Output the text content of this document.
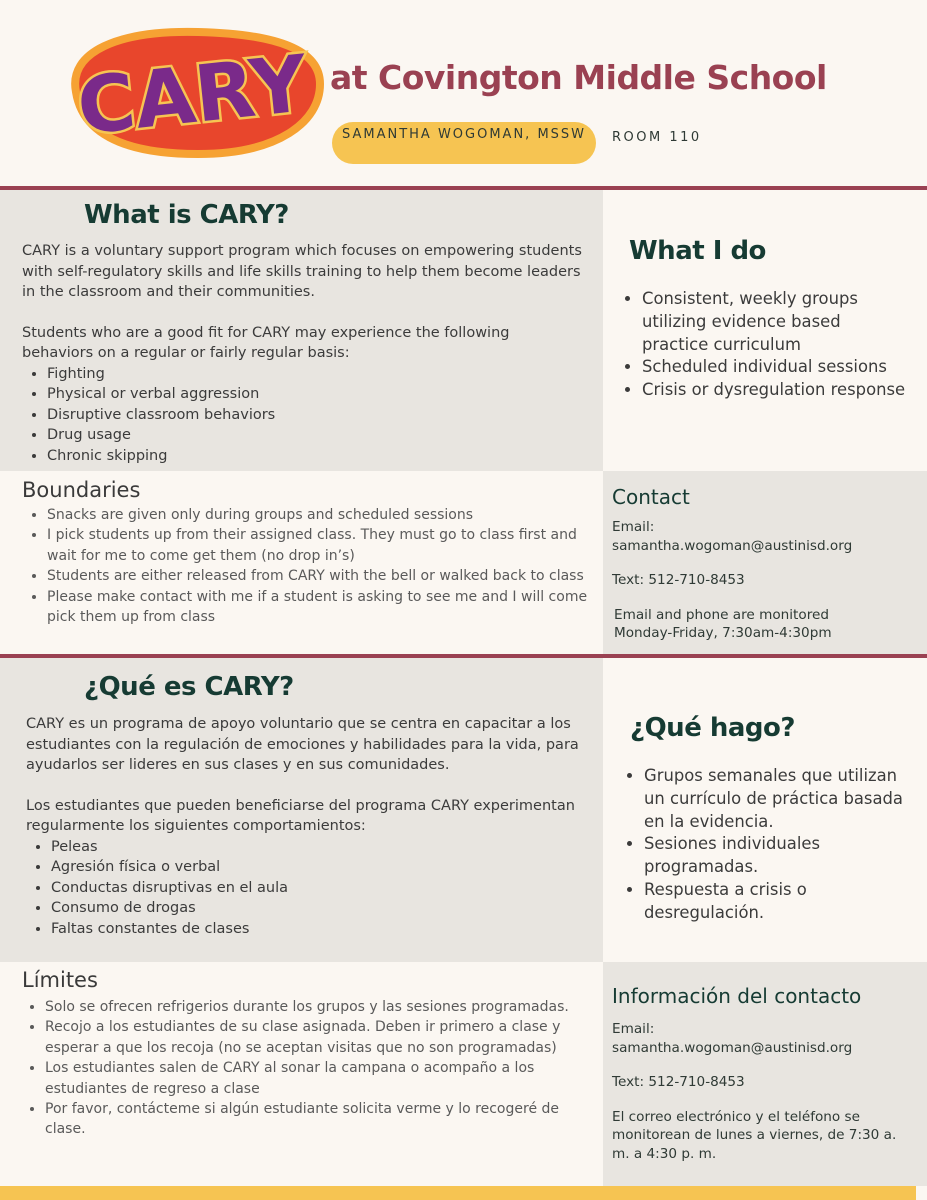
CARY at Covington Middle School
SAMANTHA WOGOMAN, MSSW	ROOM 110
What is CARY?
CARY is a voluntary support program which focuses on empowering students with self-regulatory skills and life skills training to help them become leaders in the classroom and their communities.
Students who are a good fit for CARY may experience the following behaviors on a regular or fairly regular basis:
• Fighting
• Physical or verbal aggression
• Disruptive classroom behaviors
• Drug usage
• Chronic skipping
What I do
• Consistent, weekly groups utilizing evidence based practice curriculum
• Scheduled individual sessions
• Crisis or dysregulation response
Boundaries
• Snacks are given only during groups and scheduled sessions
• I pick students up from their assigned class. They must go to class first and wait for me to come get them (no drop in’s)
• Students are either released from CARY with the bell or walked back to class
• Please make contact with me if a student is asking to see me and I will come pick them up from class
Contact
Email:
samantha.wogoman@austinisd.org
Text: 512-710-8453
Email and phone are monitored
Monday-Friday, 7:30am-4:30pm
¿Qué es CARY?
CARY es un programa de apoyo voluntario que se centra en capacitar a los estudiantes con la regulación de emociones y habilidades para la vida, para ayudarlos ser lideres en sus clases y en sus comunidades.
Los estudiantes que pueden beneficiarse del programa CARY experimentan regularmente los siguientes comportamientos:
• Peleas
• Agresión física o verbal
• Conductas disruptivas en el aula
• Consumo de drogas
• Faltas constantes de clases
¿Qué hago?
• Grupos semanales que utilizan un currículo de práctica basada en la evidencia.
• Sesiones individuales programadas.
• Respuesta a crisis o desregulación.
Límites
• Solo se ofrecen refrigerios durante los grupos y las sesiones programadas.
• Recojo a los estudiantes de su clase asignada. Deben ir primero a clase y esperar a que los recoja (no se aceptan visitas que no son programadas)
• Los estudiantes salen de CARY al sonar la campana o acompaño a los estudiantes de regreso a clase
• Por favor, contácteme si algún estudiante solicita verme y lo recogeré de clase.
Información del contacto
Email:
samantha.wogoman@austinisd.org
Text: 512-710-8453
El correo electrónico y el teléfono se monitorean de lunes a viernes, de 7:30 a. m. a 4:30 p. m.
